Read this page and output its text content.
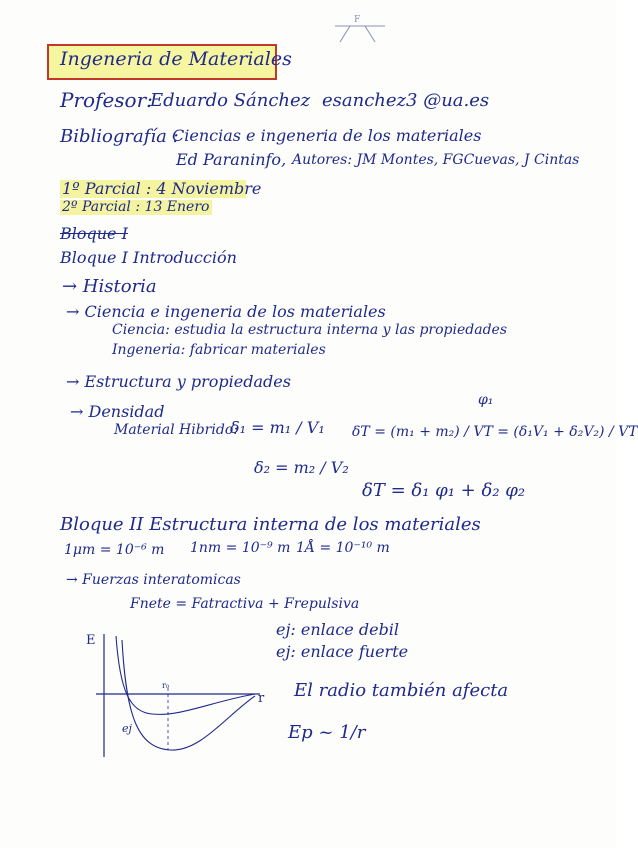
F
Ingeneria de Materiales
Profesor:
Eduardo Sánchez esanchez3 @ua.es
Bibliografía :
Ciencias e ingeneria de los materiales
Ed Paraninfo, Autores: JM Montes, FGCuevas, J Cintas
1º Parcial : 4 Noviembre
2º Parcial : 13 Enero
Bloque I
Bloque I Introducción
→ Historia
→ Ciencia e ingeneria de los materiales
Ciencia: estudia la estructura interna y las propiedades
Ingeneria: fabricar materiales
→ Estructura y propiedades
→ Densidad
Material Hibrido:
δ₁ = m₁ / V₁
δ₂ = m₂ / V₂
δT = (m₁ + m₂) / VT = (δ₁V₁ + δ₂V₂) / VT
φ₁
δT = δ₁ φ₁ + δ₂ φ₂
Bloque II Estructura interna de los materiales
1μm = 10⁻⁶ m 1nm = 10⁻⁹ m 1Å = 10⁻¹⁰ m
→ Fuerzas interatomicas
Fnete = Fatractiva + Frepulsiva
ej: enlace debil
ej: enlace fuerte
El radio también afecta
Ep ~ 1/r
E
r
r₀
ej
